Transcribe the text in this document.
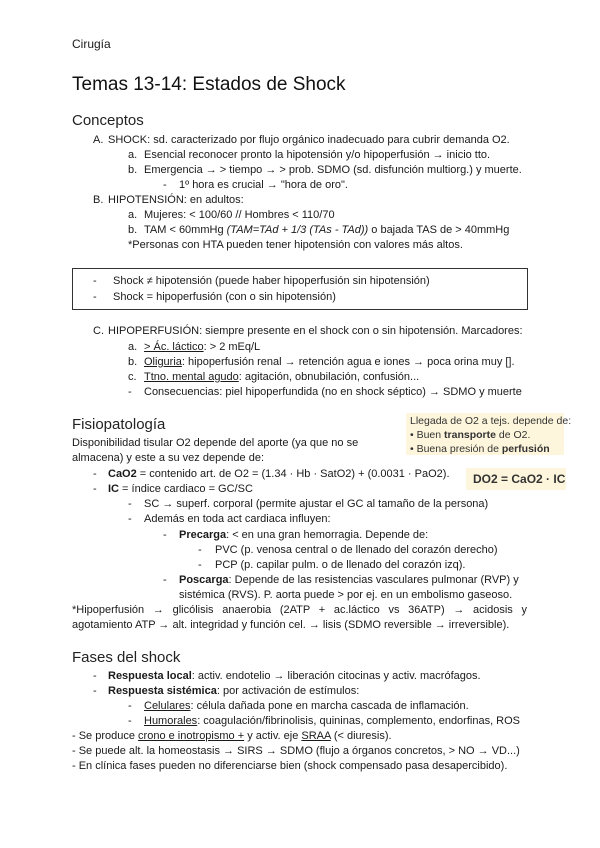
Cirugía
Temas 13-14: Estados de Shock
Conceptos
A. SHOCK: sd. caracterizado por flujo orgánico inadecuado para cubrir demanda O2.
a. Esencial reconocer pronto la hipotensión y/o hipoperfusión → inicio tto.
b. Emergencia → > tiempo → > prob. SDMO (sd. disfunción multiorg.) y muerte.
- 1º hora es crucial → "hora de oro".
B. HIPOTENSIÓN: en adultos:
a. Mujeres: < 100/60 // Hombres < 110/70
b. TAM < 60mmHg (TAM=TAd + 1/3 (TAs - TAd)) o bajada TAS de > 40mmHg
*Personas con HTA pueden tener hipotensión con valores más altos.
- Shock ≠ hipotensión (puede haber hipoperfusión sin hipotensión)
- Shock = hipoperfusión (con o sin hipotensión)
C. HIPOPERFUSIÓN: siempre presente en el shock con o sin hipotensión. Marcadores:
a. > Ác. láctico: > 2 mEq/L
b. Oliguria: hipoperfusión renal → retención agua e iones → poca orina muy [].
c. Ttno. mental agudo: agitación, obnubilación, confusión...
- Consecuencias: piel hipoperfundida (no en shock séptico) → SDMO y muerte
Fisiopatología	Llegada de O2 a tejs. depende de:
• Buen transporte de O2.
• Buena presión de perfusión
DO2 = CaO2 · IC
Disponibilidad tisular O2 depende del aporte (ya que no se
almacena) y este a su vez depende de:
- CaO2 = contenido art. de O2 = (1.34 · Hb · SatO2) + (0.0031 · PaO2).
- IC = índice cardiaco = GC/SC
- SC → superf. corporal (permite ajustar el GC al tamaño de la persona)
- Además en toda act cardiaca influyen:
- Precarga: < en una gran hemorragia. Depende de:
- PVC (p. venosa central o de llenado del corazón derecho)
- PCP (p. capilar pulm. o de llenado del corazón izq).
- Poscarga: Depende de las resistencias vasculares pulmonar (RVP) y
sistémica (RVS). P. aorta puede > por ej. en un embolismo gaseoso.
*Hipoperfusión → glicólisis anaerobia (2ATP + ac.láctico vs 36ATP) → acidosis y
agotamiento ATP → alt. integridad y función cel. → lisis (SDMO reversible → irreversible).
Fases del shock
- Respuesta local: activ. endotelio → liberación citocinas y activ. macrófagos.
- Respuesta sistémica: por activación de estímulos:
- Celulares: célula dañada pone en marcha cascada de inflamación.
- Humorales: coagulación/fibrinolisis, quininas, complemento, endorfinas, ROS
- Se produce crono e inotropismo + y activ. eje SRAA (< diuresis).
- Se puede alt. la homeostasis → SIRS → SDMO (flujo a órganos concretos, > NO → VD...)
- En clínica fases pueden no diferenciarse bien (shock compensado pasa desapercibido).
